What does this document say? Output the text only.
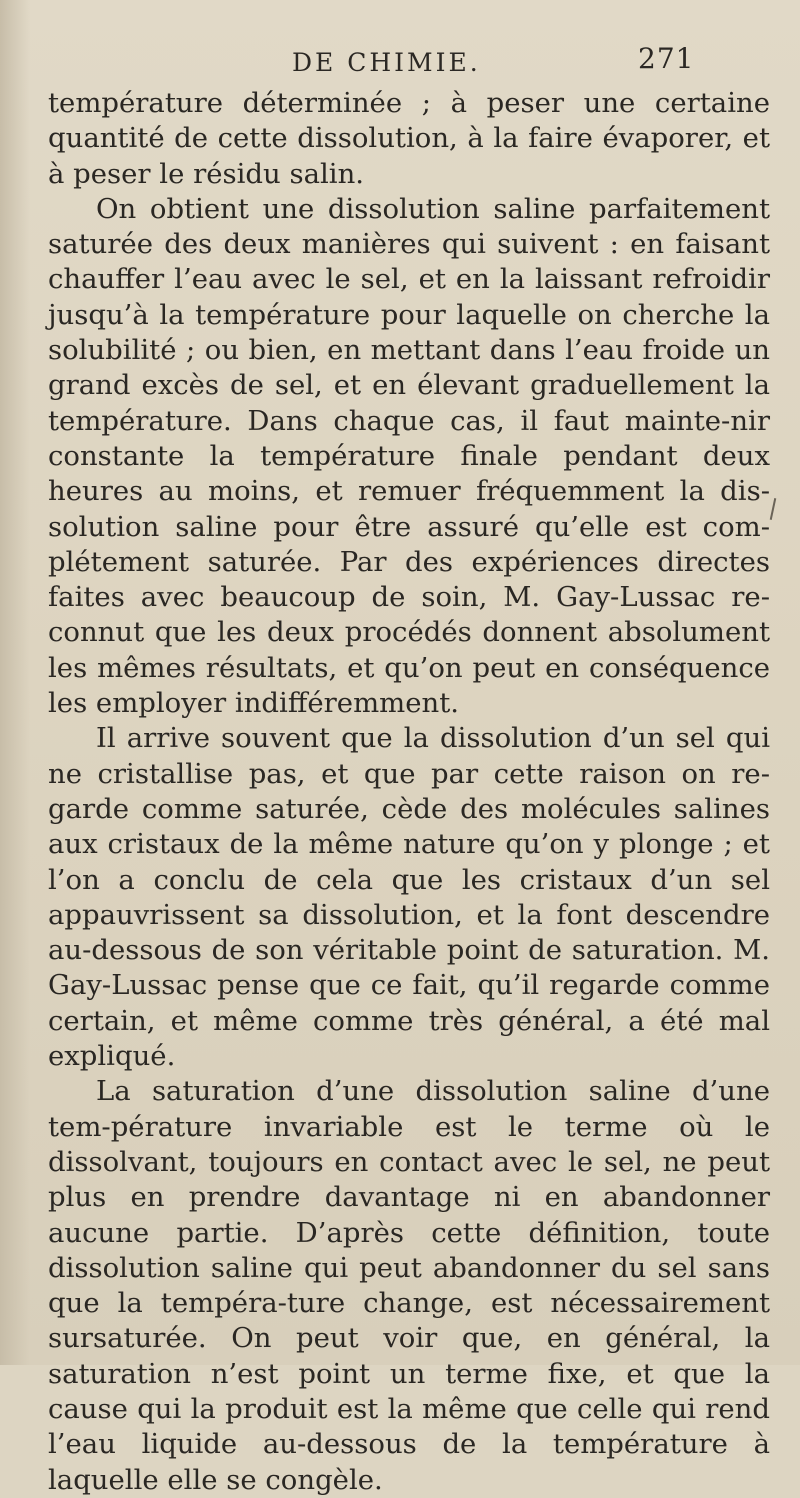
DE CHIMIE.	271

température déterminée ; à peser une certaine quantité de cette dissolution, à la faire évaporer, et à peser le résidu salin.

On obtient une dissolution saline parfaitement saturée des deux manières qui suivent : en faisant chauffer l’eau avec le sel, et en la laissant refroidir jusqu’à la température pour laquelle on cherche la solubilité ; ou bien, en mettant dans l’eau froide un grand excès de sel, et en élevant graduellement la température. Dans chaque cas, il faut mainte-nir constante la température finale pendant deux heures au moins, et remuer fréquemment la dis-solution saline pour être assuré qu’elle est com-plétement saturée. Par des expériences directes faites avec beaucoup de soin, M. Gay-Lussac re-connut que les deux procédés donnent absolument les mêmes résultats, et qu’on peut en conséquence les employer indifféremment.

Il arrive souvent que la dissolution d’un sel qui ne cristallise pas, et que par cette raison on re-garde comme saturée, cède des molécules salines aux cristaux de la même nature qu’on y plonge ; et l’on a conclu de cela que les cristaux d’un sel appauvrissent sa dissolution, et la font descendre au-dessous de son véritable point de saturation. M. Gay-Lussac pense que ce fait, qu’il regarde comme certain, et même comme très général, a été mal expliqué.

La saturation d’une dissolution saline d’une tem-pérature invariable est le terme où le dissolvant, toujours en contact avec le sel, ne peut plus en prendre davantage ni en abandonner aucune partie. D’après cette définition, toute dissolution saline qui peut abandonner du sel sans que la tempéra-ture change, est nécessairement sursaturée. On peut voir que, en général, la saturation n’est point un terme fixe, et que la cause qui la produit est la même que celle qui rend l’eau liquide au-dessous de la température à laquelle elle se congèle.
